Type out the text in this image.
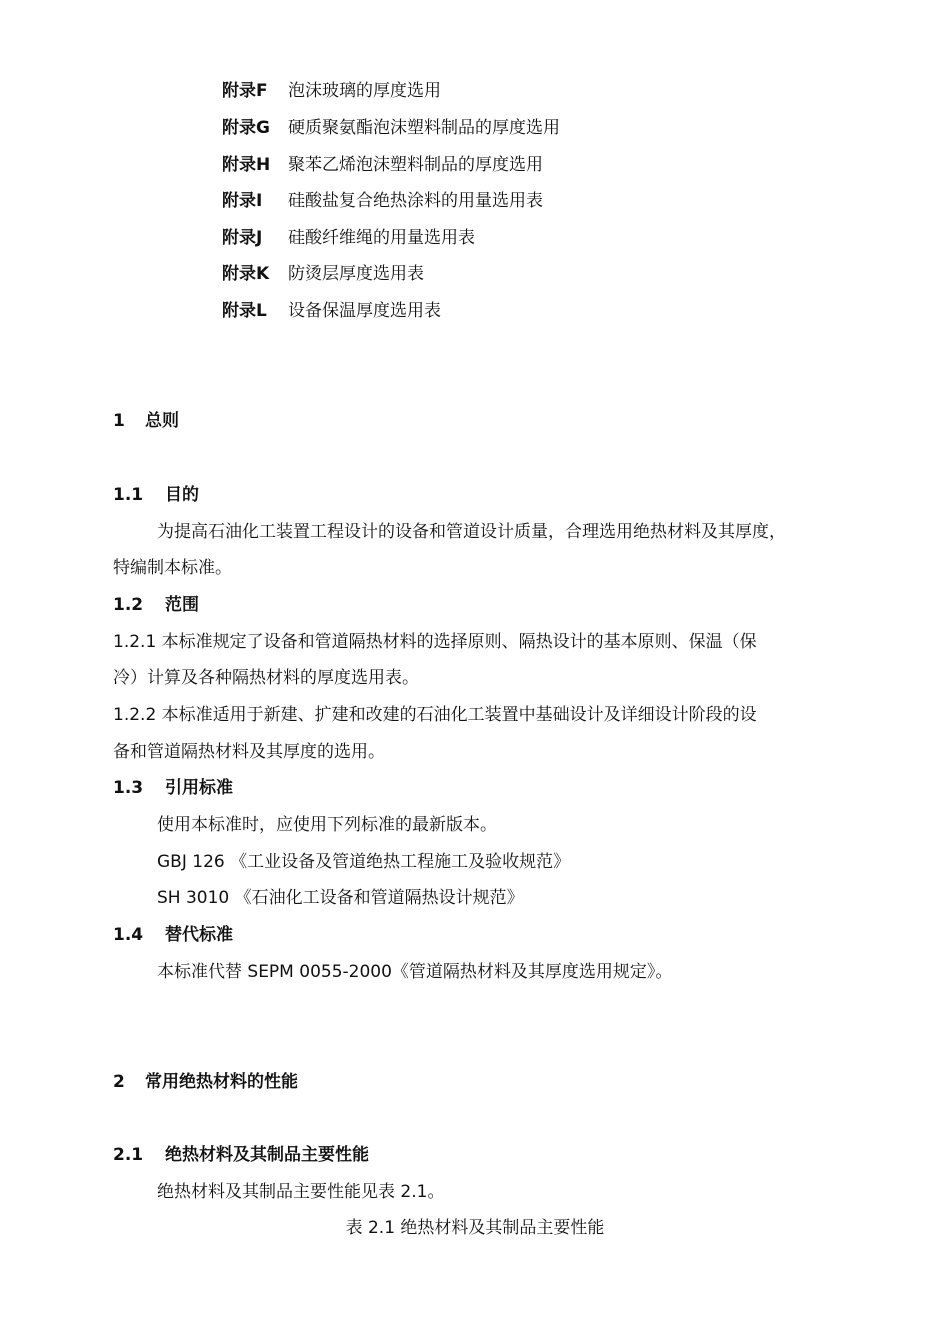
附录F 泡沫玻璃的厚度选用
附录G 硬质聚氨酯泡沫塑料制品的厚度选用
附录H 聚苯乙烯泡沫塑料制品的厚度选用
附录I 硅酸盐复合绝热涂料的用量选用表
附录J 硅酸纤维绳的用量选用表
附录K 防烫层厚度选用表
附录L 设备保温厚度选用表
1 总则
1.1 目的
为提高石油化工装置工程设计的设备和管道设计质量，合理选用绝热材料及其厚度，
特编制本标准。
1.2 范围
1.2.1 本标准规定了设备和管道隔热材料的选择原则、隔热设计的基本原则、保温（保
冷）计算及各种隔热材料的厚度选用表。
1.2.2 本标准适用于新建、扩建和改建的石油化工装置中基础设计及详细设计阶段的设
备和管道隔热材料及其厚度的选用。
1.3 引用标准
使用本标准时，应使用下列标准的最新版本。
GBJ 126 《工业设备及管道绝热工程施工及验收规范》
SH 3010 《石油化工设备和管道隔热设计规范》
1.4 替代标准
本标准代替 SEPM 0055-2000《管道隔热材料及其厚度选用规定》。
2 常用绝热材料的性能
2.1 绝热材料及其制品主要性能
绝热材料及其制品主要性能见表 2.1。
表 2.1 绝热材料及其制品主要性能
